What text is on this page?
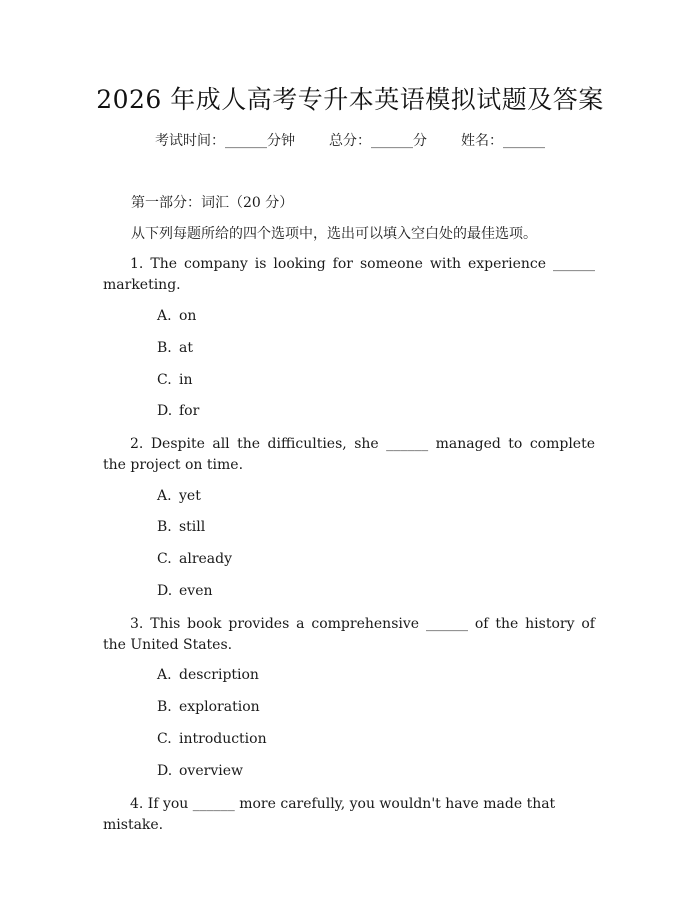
2026 年成人高考专升本英语模拟试题及答案
考试时间：______分钟 总分：______分 姓名：______
第一部分：词汇（20 分）
从下列每题所给的四个选项中，选出可以填入空白处的最佳选项。
1. The company is looking for someone with experience ______ marketing.
A. on
B. at
C. in
D. for
2. Despite all the difficulties, she ______ managed to complete the project on time.
A. yet
B. still
C. already
D. even
3. This book provides a comprehensive ______ of the history of the United States.
A. description
B. exploration
C. introduction
D. overview
4. If you ______ more carefully, you wouldn't have made that mistake.
